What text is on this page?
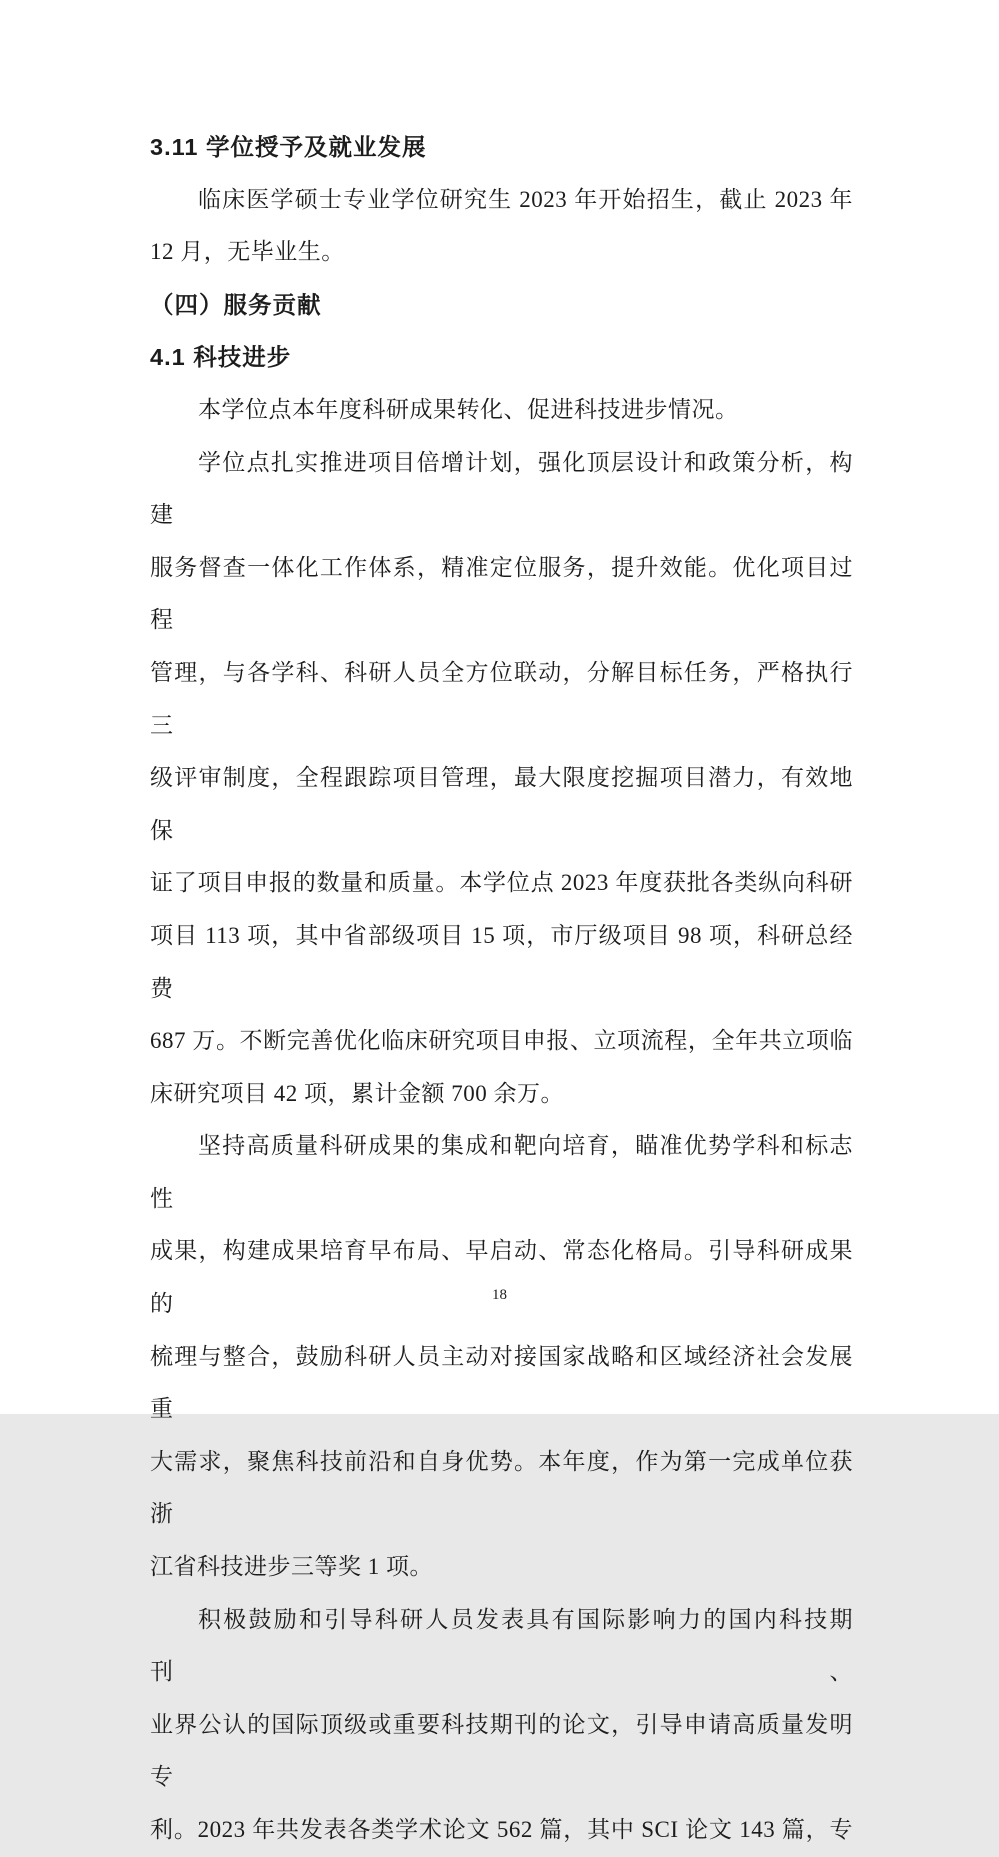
3.11 学位授予及就业发展
临床医学硕士专业学位研究生 2023 年开始招生，截止 2023 年
12 月，无毕业生。
（四）服务贡献
4.1 科技进步
本学位点本年度科研成果转化、促进科技进步情况。
学位点扎实推进项目倍增计划，强化顶层设计和政策分析，构建
服务督查一体化工作体系，精准定位服务，提升效能。优化项目过程
管理，与各学科、科研人员全方位联动，分解目标任务，严格执行三
级评审制度，全程跟踪项目管理，最大限度挖掘项目潜力，有效地保
证了项目申报的数量和质量。本学位点 2023 年度获批各类纵向科研
项目 113 项，其中省部级项目 15 项，市厅级项目 98 项，科研总经费
687 万。不断完善优化临床研究项目申报、立项流程，全年共立项临
床研究项目 42 项，累计金额 700 余万。
坚持高质量科研成果的集成和靶向培育，瞄准优势学科和标志性
成果，构建成果培育早布局、早启动、常态化格局。引导科研成果的
梳理与整合，鼓励科研人员主动对接国家战略和区域经济社会发展重
大需求，聚焦科技前沿和自身优势。本年度，作为第一完成单位获浙
江省科技进步三等奖 1 项。
积极鼓励和引导科研人员发表具有国际影响力的国内科技期刊、
业界公认的国际顶级或重要科技期刊的论文，引导申请高质量发明专
利。2023 年共发表各类学术论文 562 篇，其中 SCI 论文 143 篇，专
18
